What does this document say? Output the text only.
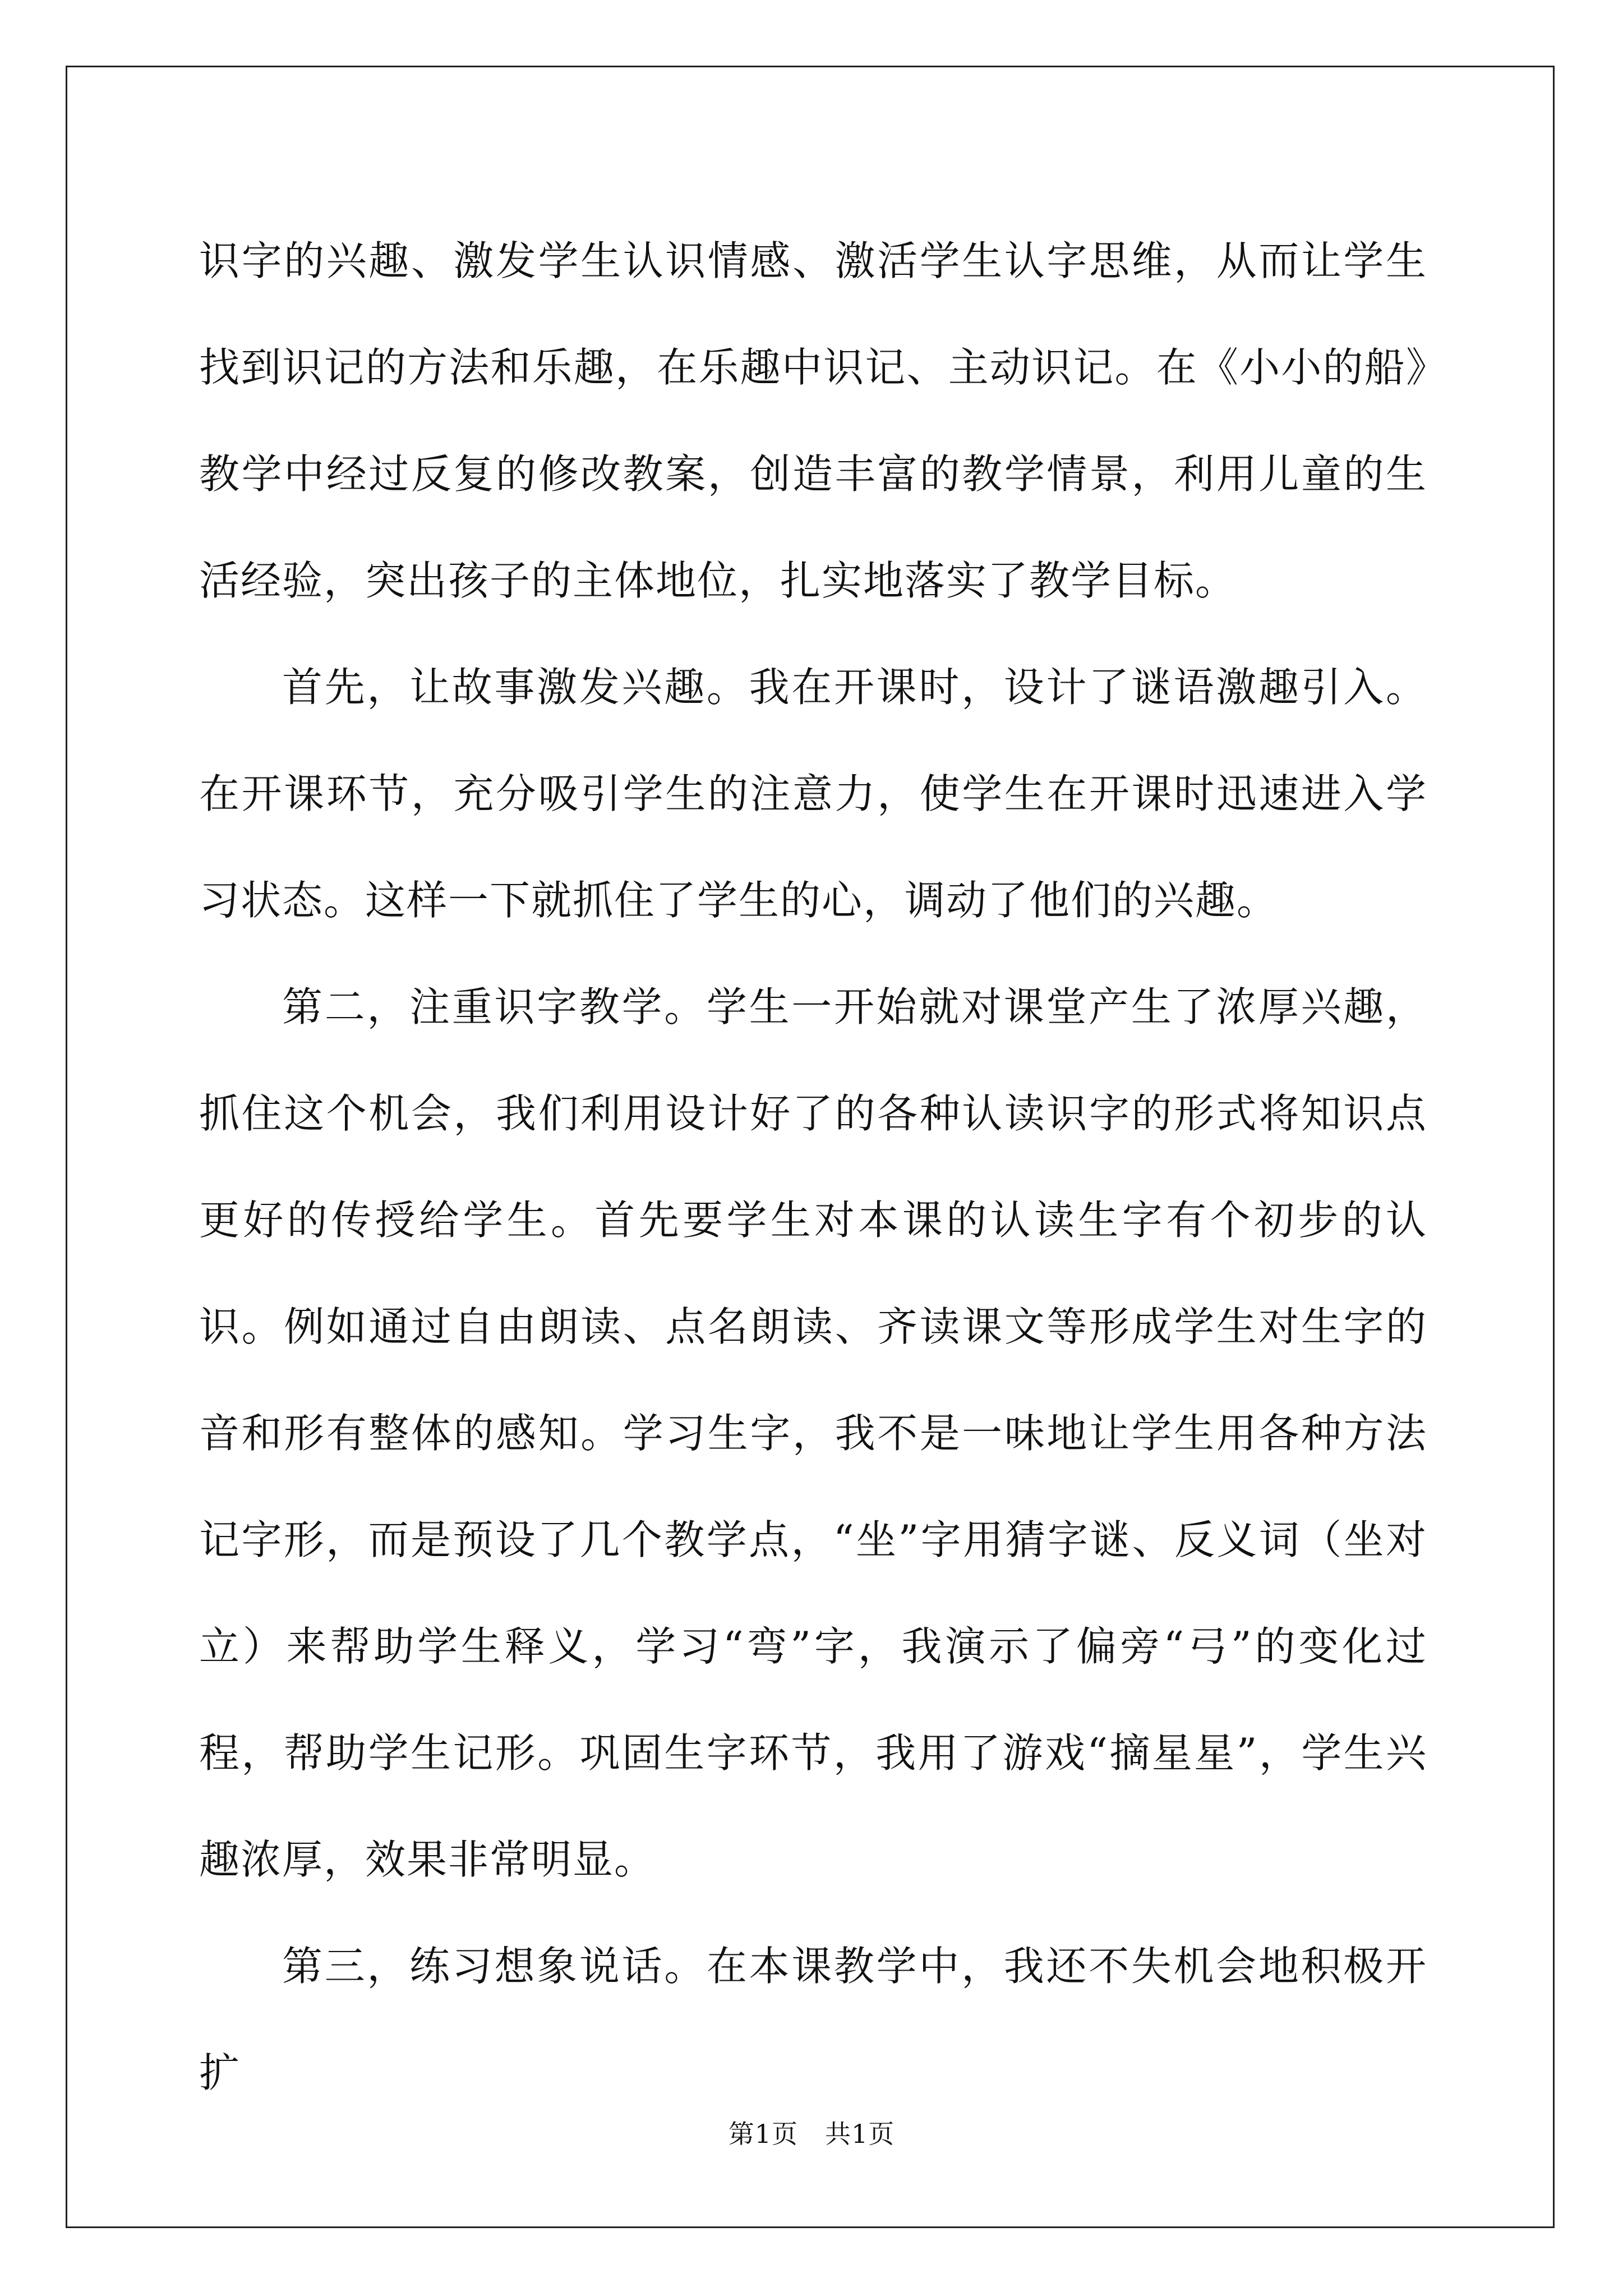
识字的兴趣、激发学生认识情感、激活学生认字思维，从而让学生找到识记的方法和乐趣，在乐趣中识记、主动识记。在《小小的船》教学中经过反复的修改教案，创造丰富的教学情景，利用儿童的生活经验，突出孩子的主体地位，扎实地落实了教学目标。

首先，让故事激发兴趣。我在开课时，设计了谜语激趣引入。在开课环节，充分吸引学生的注意力，使学生在开课时迅速进入学习状态。这样一下就抓住了学生的心，调动了他们的兴趣。

第二，注重识字教学。学生一开始就对课堂产生了浓厚兴趣，抓住这个机会，我们利用设计好了的各种认读识字的形式将知识点更好的传授给学生。首先要学生对本课的认读生字有个初步的认识。例如通过自由朗读、点名朗读、齐读课文等形成学生对生字的音和形有整体的感知。学习生字，我不是一味地让学生用各种方法记字形，而是预设了几个教学点，“坐”字用猜字谜、反义词（坐对立）来帮助学生释义，学习“弯”字，我演示了偏旁“弓”的变化过程，帮助学生记形。巩固生字环节，我用了游戏“摘星星”，学生兴趣浓厚，效果非常明显。

第三，练习想象说话。在本课教学中，我还不失机会地积极开扩

第1页 共1页
